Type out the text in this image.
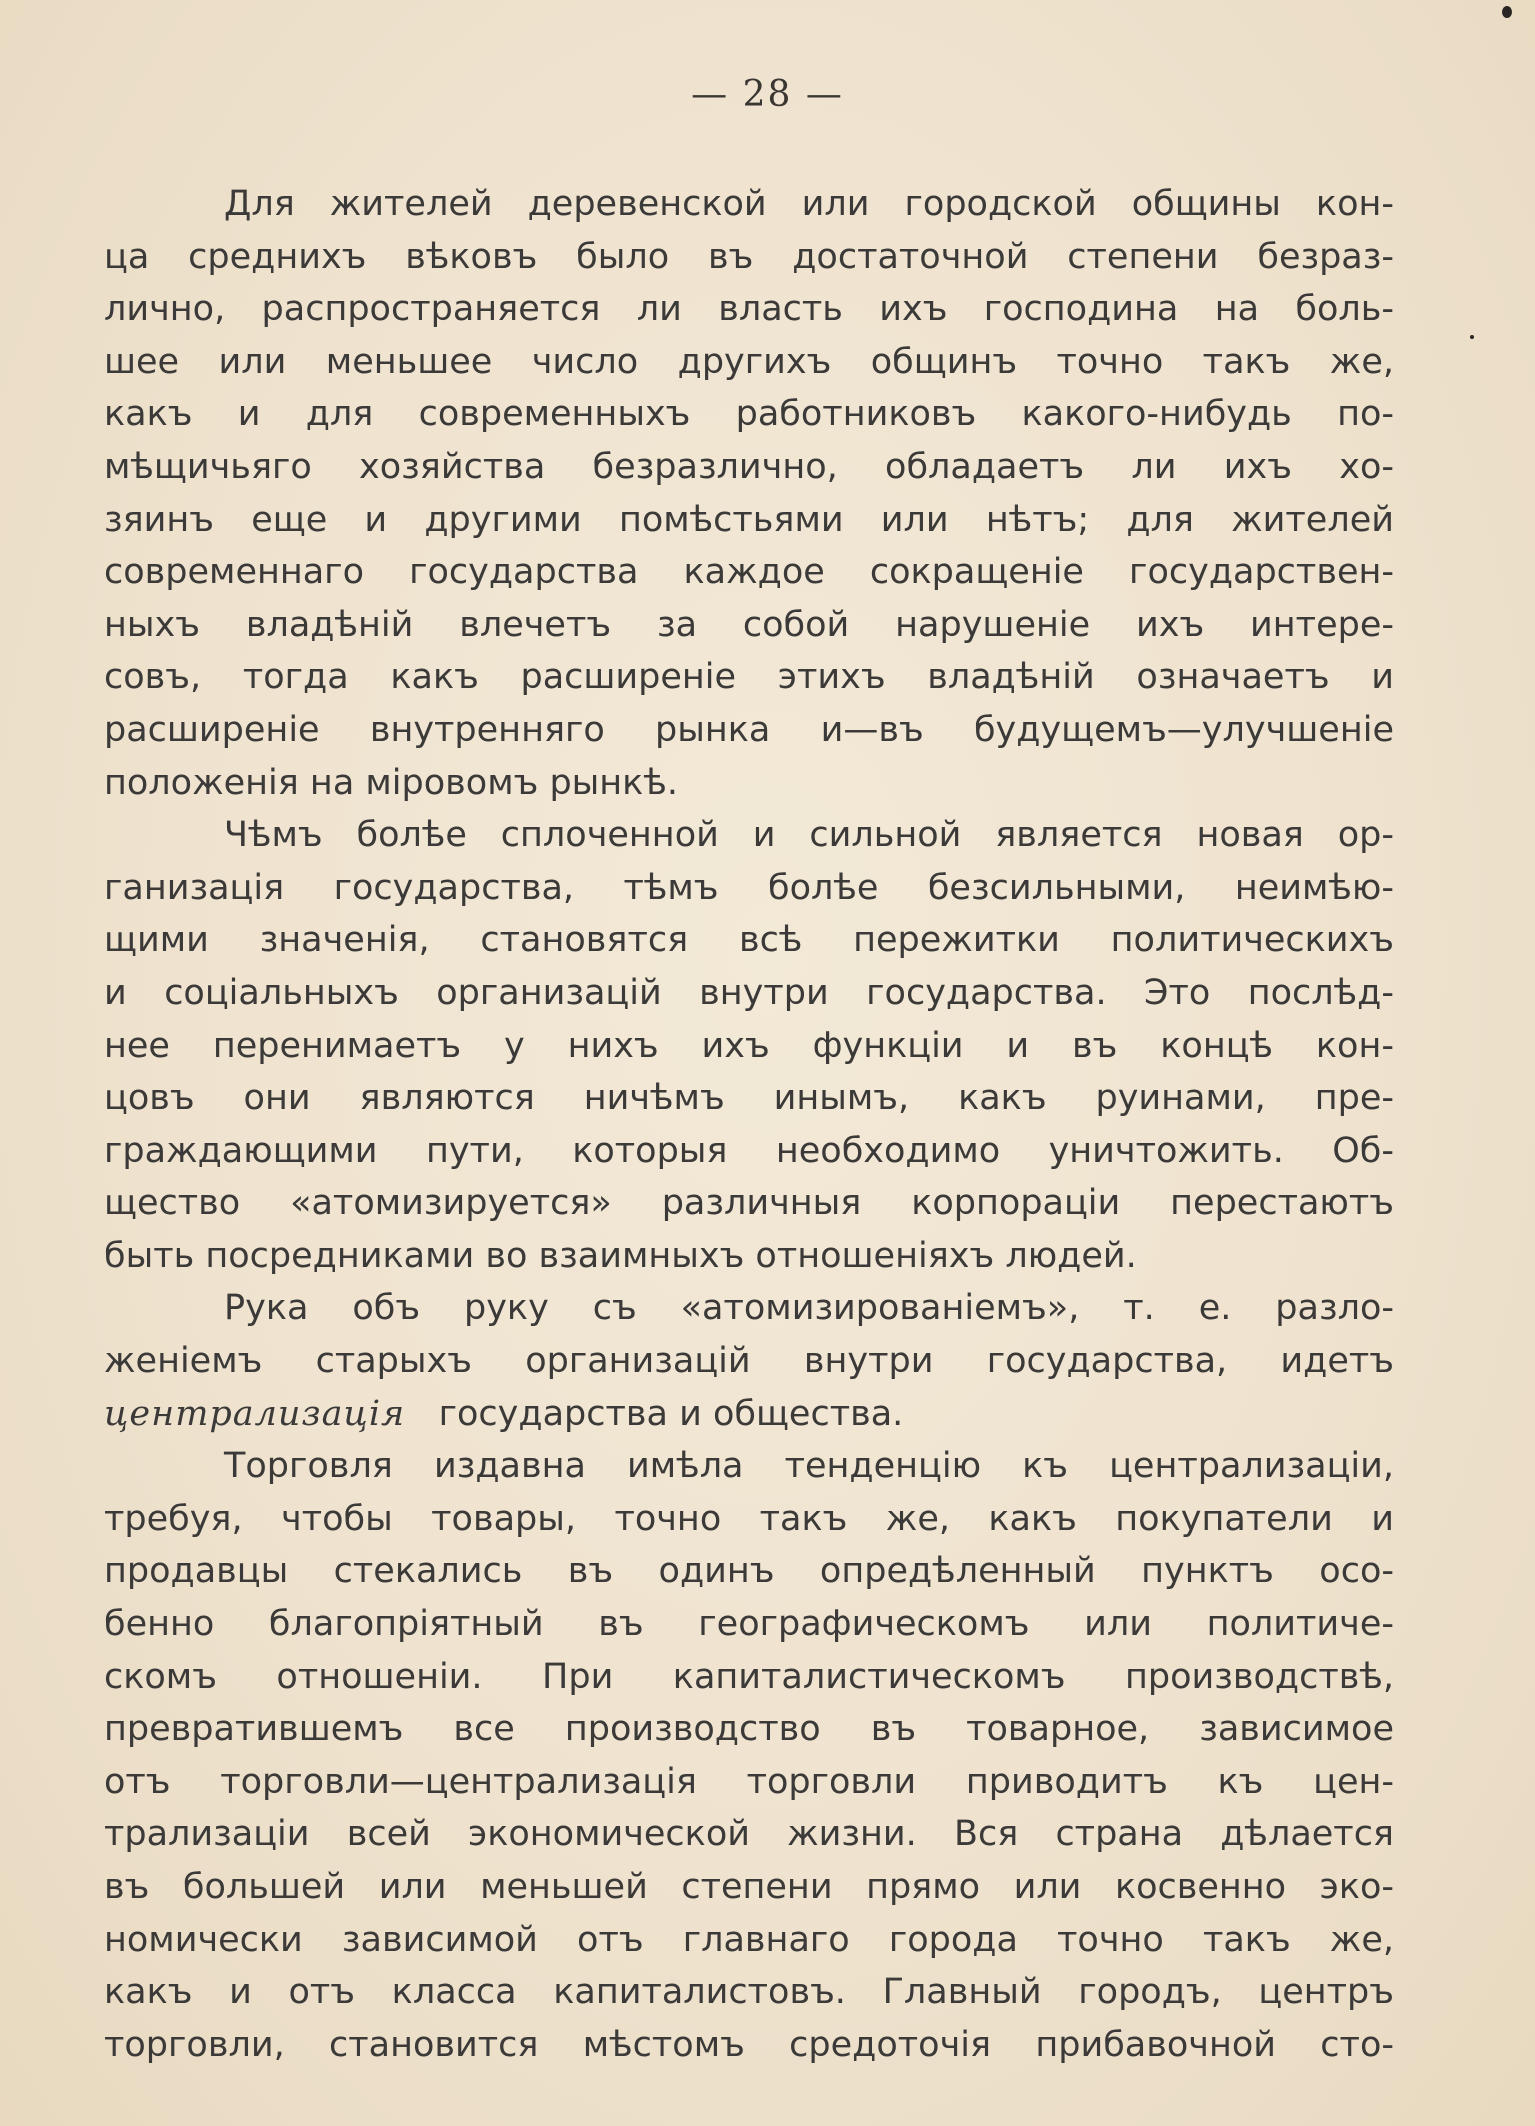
— 28 —
Для жителей деревенской или городской общины кон-
ца среднихъ вѣковъ было въ достаточной степени безраз-
лично, распространяется ли власть ихъ господина на боль-
шее или меньшее число другихъ общинъ точно такъ же,
какъ и для современныхъ работниковъ какого-нибудь по-
мѣщичьяго хозяйства безразлично, обладаетъ ли ихъ хо-
зяинъ еще и другими помѣстьями или нѣтъ; для жителей
современнаго государства каждое сокращеніе государствен-
ныхъ владѣній влечетъ за собой нарушеніе ихъ интере-
совъ, тогда какъ расширеніе этихъ владѣній означаетъ и
расширеніе внутренняго рынка и—въ будущемъ—улучшеніе
положенія на міровомъ рынкѣ.
Чѣмъ болѣе сплоченной и сильной является новая ор-
ганизація государства, тѣмъ болѣе безсильными, неимѣю-
щими значенія, становятся всѣ пережитки политическихъ
и соціальныхъ организацій внутри государства. Это послѣд-
нее перенимаетъ у нихъ ихъ функціи и въ концѣ кон-
цовъ они являются ничѣмъ инымъ, какъ руинами, пре-
граждающими пути, которыя необходимо уничтожить. Об-
щество «атомизируется» различныя корпораціи перестаютъ
быть посредниками во взаимныхъ отношеніяхъ людей.
Рука объ руку съ «атомизированіемъ», т. е. разло-
женіемъ старыхъ организацій внутри государства, идетъ
централизація государства и общества.
Торговля издавна имѣла тенденцію къ централизаціи,
требуя, чтобы товары, точно такъ же, какъ покупатели и
продавцы стекались въ одинъ опредѣленный пунктъ осо-
бенно благопріятный въ географическомъ или политиче-
скомъ отношеніи. При капиталистическомъ производствѣ,
превратившемъ все производство въ товарное, зависимое
отъ торговли—централизація торговли приводитъ къ цен-
трализаціи всей экономической жизни. Вся страна дѣлается
въ большей или меньшей степени прямо или косвенно эко-
номически зависимой отъ главнаго города точно такъ же,
какъ и отъ класса капиталистовъ. Главный городъ, центръ
торговли, становится мѣстомъ средоточія прибавочной сто-
